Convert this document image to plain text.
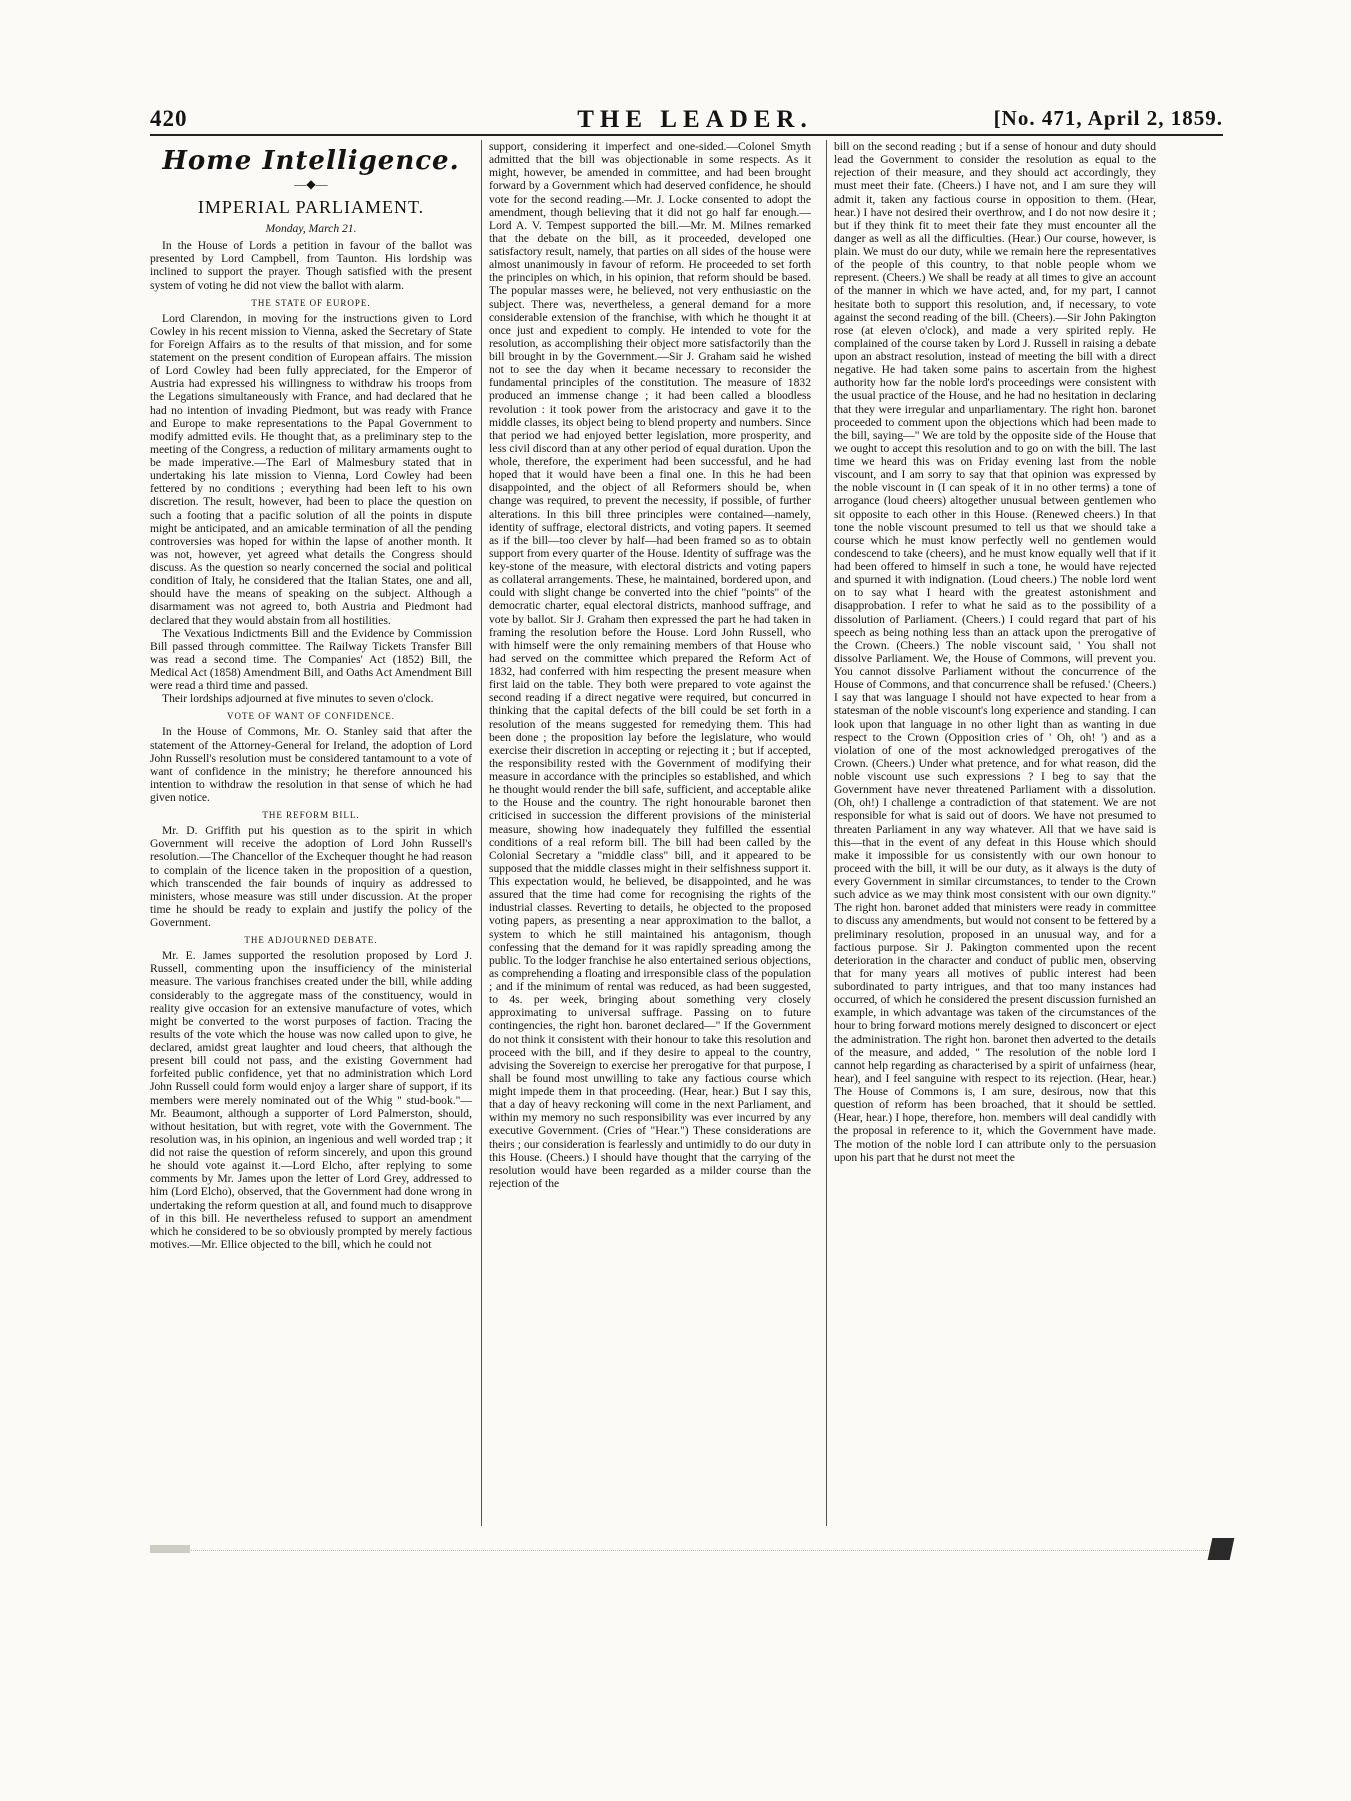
420	THE LEADER.	[No. 471, April 2, 1859.
Home Intelligence.
—◆—
IMPERIAL PARLIAMENT.
Monday, March 21.

In the House of Lords a petition in favour of the ballot was presented by Lord Campbell, from Taunton. His lordship was inclined to support the prayer. Though satisfied with the present system of voting he did not view the ballot with alarm.

THE STATE OF EUROPE.

Lord Clarendon, in moving for the instructions given to Lord Cowley in his recent mission to Vienna, asked the Secretary of State for Foreign Affairs as to the results of that mission, and for some statement on the present condition of European affairs. The mission of Lord Cowley had been fully appreciated, for the Emperor of Austria had expressed his willingness to withdraw his troops from the Legations simultaneously with France, and had declared that he had no intention of invading Piedmont, but was ready with France and Europe to make representations to the Papal Government to modify admitted evils. He thought that, as a preliminary step to the meeting of the Congress, a reduction of military armaments ought to be made imperative.—The Earl of Malmesbury stated that in undertaking his late mission to Vienna, Lord Cowley had been fettered by no conditions ; everything had been left to his own discretion. The result, however, had been to place the question on such a footing that a pacific solution of all the points in dispute might be anticipated, and an amicable termination of all the pending controversies was hoped for within the lapse of another month. It was not, however, yet agreed what details the Congress should discuss. As the question so nearly concerned the social and political condition of Italy, he considered that the Italian States, one and all, should have the means of speaking on the subject. Although a disarmament was not agreed to, both Austria and Piedmont had declared that they would abstain from all hostilities.

The Vexatious Indictments Bill and the Evidence by Commission Bill passed through committee. The Railway Tickets Transfer Bill was read a second time. The Companies' Act (1852) Bill, the Medical Act (1858) Amendment Bill, and Oaths Act Amendment Bill were read a third time and passed.

Their lordships adjourned at five minutes to seven o'clock.

VOTE OF WANT OF CONFIDENCE.

In the House of Commons, Mr. O. Stanley said that after the statement of the Attorney-General for Ireland, the adoption of Lord John Russell's resolution must be considered tantamount to a vote of want of confidence in the ministry; he therefore announced his intention to withdraw the resolution in that sense of which he had given notice.

THE REFORM BILL.

Mr. D. Griffith put his question as to the spirit in which Government will receive the adoption of Lord John Russell's resolution.—The Chancellor of the Exchequer thought he had reason to complain of the licence taken in the proposition of a question, which transcended the fair bounds of inquiry as addressed to ministers, whose measure was still under discussion. At the proper time he should be ready to explain and justify the policy of the Government.

THE ADJOURNED DEBATE.

Mr. E. James supported the resolution proposed by Lord J. Russell, commenting upon the insufficiency of the ministerial measure. The various franchises created under the bill, while adding considerably to the aggregate mass of the constituency, would in reality give occasion for an extensive manufacture of votes, which might be converted to the worst purposes of faction. Tracing the results of the vote which the house was now called upon to give, he declared, amidst great laughter and loud cheers, that although the present bill could not pass, and the existing Government had forfeited public confidence, yet that no administration which Lord John Russell could form would enjoy a larger share of support, if its members were merely nominated out of the Whig " stud-book."—Mr. Beaumont, although a supporter of Lord Palmerston, should, without hesitation, but with regret, vote with the Government. The resolution was, in his opinion, an ingenious and well worded trap ; it did not raise the question of reform sincerely, and upon this ground he should vote against it.—Lord Elcho, after replying to some comments by Mr. James upon the letter of Lord Grey, addressed to him (Lord Elcho), observed, that the Government had done wrong in undertaking the reform question at all, and found much to disapprove of in this bill. He nevertheless refused to support an amendment which he considered to be so obviously prompted by merely factious motives.—Mr. Ellice objected to the bill, which he could not

support, considering it imperfect and one-sided.—Colonel Smyth admitted that the bill was objectionable in some respects. As it might, however, be amended in committee, and had been brought forward by a Government which had deserved confidence, he should vote for the second reading.—Mr. J. Locke consented to adopt the amendment, though believing that it did not go half far enough.—Lord A. V. Tempest supported the bill.—Mr. M. Milnes remarked that the debate on the bill, as it proceeded, developed one satisfactory result, namely, that parties on all sides of the house were almost unanimously in favour of reform. He proceeded to set forth the principles on which, in his opinion, that reform should be based. The popular masses were, he believed, not very enthusiastic on the subject. There was, nevertheless, a general demand for a more considerable extension of the franchise, with which he thought it at once just and expedient to comply. He intended to vote for the resolution, as accomplishing their object more satisfactorily than the bill brought in by the Government.—Sir J. Graham said he wished not to see the day when it became necessary to reconsider the fundamental principles of the constitution. The measure of 1832 produced an immense change ; it had been called a bloodless revolution : it took power from the aristocracy and gave it to the middle classes, its object being to blend property and numbers. Since that period we had enjoyed better legislation, more prosperity, and less civil discord than at any other period of equal duration. Upon the whole, therefore, the experiment had been successful, and he had hoped that it would have been a final one. In this he had been disappointed, and the object of all Reformers should be, when change was required, to prevent the necessity, if possible, of further alterations. In this bill three principles were contained—namely, identity of suffrage, electoral districts, and voting papers. It seemed as if the bill—too clever by half—had been framed so as to obtain support from every quarter of the House. Identity of suffrage was the key-stone of the measure, with electoral districts and voting papers as collateral arrangements. These, he maintained, bordered upon, and could with slight change be converted into the chief "points" of the democratic charter, equal electoral districts, manhood suffrage, and vote by ballot. Sir J. Graham then expressed the part he had taken in framing the resolution before the House. Lord John Russell, who with himself were the only remaining members of that House who had served on the committee which prepared the Reform Act of 1832, had conferred with him respecting the present measure when first laid on the table. They both were prepared to vote against the second reading if a direct negative were required, but concurred in thinking that the capital defects of the bill could be set forth in a resolution of the means suggested for remedying them. This had been done ; the proposition lay before the legislature, who would exercise their discretion in accepting or rejecting it ; but if accepted, the responsibility rested with the Government of modifying their measure in accordance with the principles so established, and which he thought would render the bill safe, sufficient, and acceptable alike to the House and the country. The right honourable baronet then criticised in succession the different provisions of the ministerial measure, showing how inadequately they fulfilled the essential conditions of a real reform bill. The bill had been called by the Colonial Secretary a "middle class" bill, and it appeared to be supposed that the middle classes might in their selfishness support it. This expectation would, he believed, be disappointed, and he was assured that the time had come for recognising the rights of the industrial classes. Reverting to details, he objected to the proposed voting papers, as presenting a near approximation to the ballot, a system to which he still maintained his antagonism, though confessing that the demand for it was rapidly spreading among the public. To the lodger franchise he also entertained serious objections, as comprehending a floating and irresponsible class of the population ; and if the minimum of rental was reduced, as had been suggested, to 4s. per week, bringing about something very closely approximating to universal suffrage. Passing on to future contingencies, the right hon. baronet declared—" If the Government do not think it consistent with their honour to take this resolution and proceed with the bill, and if they desire to appeal to the country, advising the Sovereign to exercise her prerogative for that purpose, I shall be found most unwilling to take any factious course which might impede them in that proceeding. (Hear, hear.) But I say this, that a day of heavy reckoning will come in the next Parliament, and within my memory no such responsibility was ever incurred by any executive Government. (Cries of "Hear.") These considerations are theirs ; our consideration is fearlessly and untimidly to do our duty in this House. (Cheers.) I should have thought that the carrying of the resolution would have been regarded as a milder course than the rejection of the

bill on the second reading ; but if a sense of honour and duty should lead the Government to consider the resolution as equal to the rejection of their measure, and they should act accordingly, they must meet their fate. (Cheers.) I have not, and I am sure they will admit it, taken any factious course in opposition to them. (Hear, hear.) I have not desired their overthrow, and I do not now desire it ; but if they think fit to meet their fate they must encounter all the danger as well as all the difficulties. (Hear.) Our course, however, is plain. We must do our duty, while we remain here the representatives of the people of this country, to that noble people whom we represent. (Cheers.) We shall be ready at all times to give an account of the manner in which we have acted, and, for my part, I cannot hesitate both to support this resolution, and, if necessary, to vote against the second reading of the bill. (Cheers).—Sir John Pakington rose (at eleven o'clock), and made a very spirited reply. He complained of the course taken by Lord J. Russell in raising a debate upon an abstract resolution, instead of meeting the bill with a direct negative. He had taken some pains to ascertain from the highest authority how far the noble lord's proceedings were consistent with the usual practice of the House, and he had no hesitation in declaring that they were irregular and unparliamentary. The right hon. baronet proceeded to comment upon the objections which had been made to the bill, saying—" We are told by the opposite side of the House that we ought to accept this resolution and to go on with the bill. The last time we heard this was on Friday evening last from the noble viscount, and I am sorry to say that that opinion was expressed by the noble viscount in (I can speak of it in no other terms) a tone of arrogance (loud cheers) altogether unusual between gentlemen who sit opposite to each other in this House. (Renewed cheers.) In that tone the noble viscount presumed to tell us that we should take a course which he must know perfectly well no gentlemen would condescend to take (cheers), and he must know equally well that if it had been offered to himself in such a tone, he would have rejected and spurned it with indignation. (Loud cheers.) The noble lord went on to say what I heard with the greatest astonishment and disapprobation. I refer to what he said as to the possibility of a dissolution of Parliament. (Cheers.) I could regard that part of his speech as being nothing less than an attack upon the prerogative of the Crown. (Cheers.) The noble viscount said, ' You shall not dissolve Parliament. We, the House of Commons, will prevent you. You cannot dissolve Parliament without the concurrence of the House of Commons, and that concurrence shall be refused.' (Cheers.) I say that was language I should not have expected to hear from a statesman of the noble viscount's long experience and standing. I can look upon that language in no other light than as wanting in due respect to the Crown (Opposition cries of ' Oh, oh! ') and as a violation of one of the most acknowledged prerogatives of the Crown. (Cheers.) Under what pretence, and for what reason, did the noble viscount use such expressions ? I beg to say that the Government have never threatened Parliament with a dissolution. (Oh, oh!) I challenge a contradiction of that statement. We are not responsible for what is said out of doors. We have not presumed to threaten Parliament in any way whatever. All that we have said is this—that in the event of any defeat in this House which should make it impossible for us consistently with our own honour to proceed with the bill, it will be our duty, as it always is the duty of every Government in similar circumstances, to tender to the Crown such advice as we may think most consistent with our own dignity." The right hon. baronet added that ministers were ready in committee to discuss any amendments, but would not consent to be fettered by a preliminary resolution, proposed in an unusual way, and for a factious purpose. Sir J. Pakington commented upon the recent deterioration in the character and conduct of public men, observing that for many years all motives of public interest had been subordinated to party intrigues, and that too many instances had occurred, of which he considered the present discussion furnished an example, in which advantage was taken of the circumstances of the hour to bring forward motions merely designed to disconcert or eject the administration. The right hon. baronet then adverted to the details of the measure, and added, " The resolution of the noble lord I cannot help regarding as characterised by a spirit of unfairness (hear, hear), and I feel sanguine with respect to its rejection. (Hear, hear.) The House of Commons is, I am sure, desirous, now that this question of reform has been broached, that it should be settled. (Hear, hear.) I hope, therefore, hon. members will deal candidly with the proposal in reference to it, which the Government have made. The motion of the noble lord I can attribute only to the persuasion upon his part that he durst not meet the
